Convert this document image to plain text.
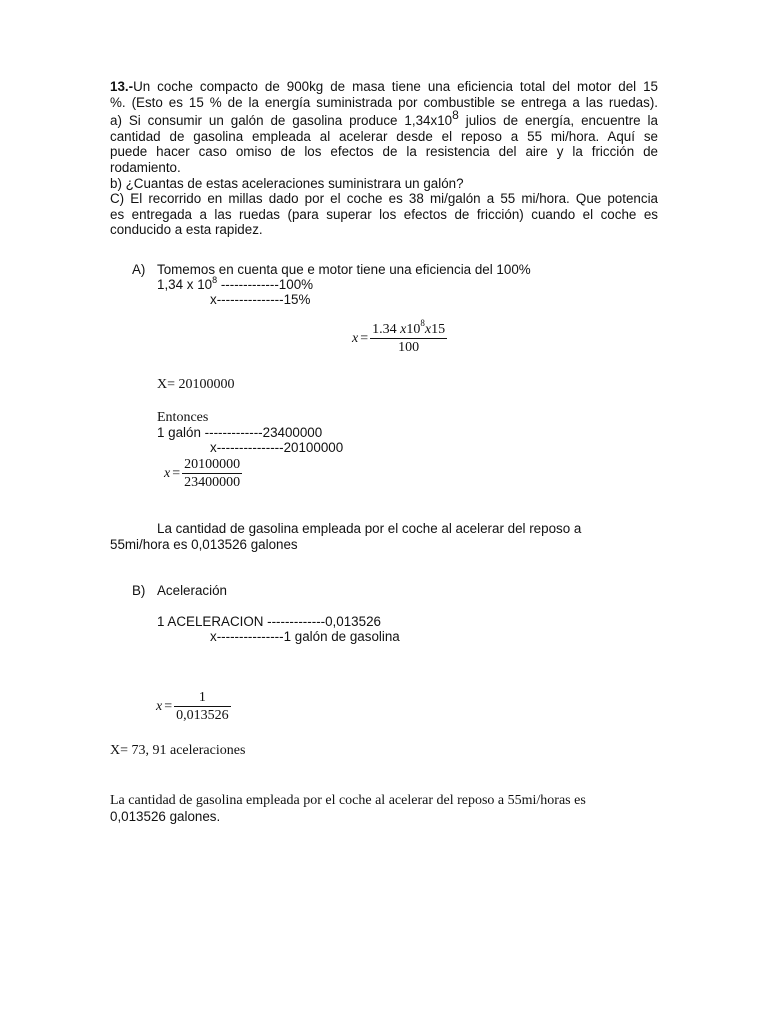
13.-Un coche compacto de 900kg de masa tiene una eficiencia total del motor del 15
%. (Esto es 15 % de la energía suministrada por combustible se entrega a las ruedas).
a) Si consumir un galón de gasolina produce $1,34x10^8$ julios de energía, encuentre la
cantidad de gasolina empleada al acelerar desde el reposo a 55 mi/hora. Aquí se
puede hacer caso omiso de los efectos de la resistencia del aire y la fricción de
rodamiento.
b) ¿Cuantas de estas aceleraciones suministrara un galón?
C) El recorrido en millas dado por el coche es 38 mi/galón a 55 mi/hora. Que potencia
es entregada a las ruedas (para superar los efectos de fricción) cuando el coche es
conducido a esta rapidez.
A) Tomemos en cuenta que e motor tiene una eficiencia del 100%
1,34 x $10^8$ -------------100%
x---------------15%
$x = \frac{1.34 x10^8x15}{100}$
X= 20100000
Entonces
1 galón -------------23400000
x---------------20100000
$x = \frac{20100000}{23400000}$
La cantidad de gasolina empleada por el coche al acelerar del reposo a
55mi/hora es 0,013526 galones
B) Aceleración
1 ACELERACION -------------0,013526
x---------------1 galón de gasolina
$x = \frac{1}{0,013526}$
X= 73, 91 aceleraciones
La cantidad de gasolina empleada por el coche al acelerar del reposo a 55mi/horas es
0,013526 galones.
